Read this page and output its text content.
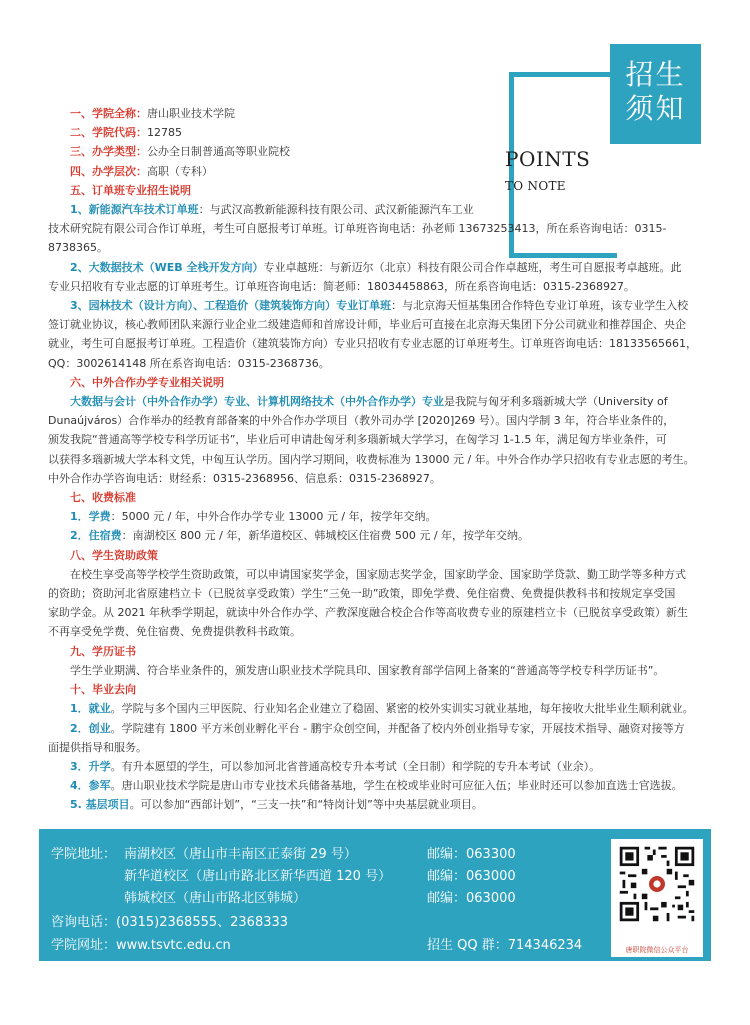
招生
须知
POINTS
TO NOTE
一、学院全称：唐山职业技术学院
二、学院代码：12785
三、办学类型：公办全日制普通高等职业院校
四、办学层次：高职（专科）
五、订单班专业招生说明
1、新能源汽车技术订单班：与武汉高教新能源科技有限公司、武汉新能源汽车工业
技术研究院有限公司合作订单班，考生可自愿报考订单班。订单班咨询电话：孙老师 13673253413，所在系咨询电话：0315-
8738365。
2、大数据技术（WEB 全栈开发方向）专业卓越班：与新迈尔（北京）科技有限公司合作卓越班，考生可自愿报考卓越班。此
专业只招收有专业志愿的订单班考生。订单班咨询电话：简老师：18034458863，所在系咨询电话：0315-2368927。
3、园林技术（设计方向）、工程造价（建筑装饰方向）专业订单班：与北京海天恒基集团合作特色专业订单班，该专业学生入校
签订就业协议，核心教师团队来源行业企业二级建造师和首席设计师，毕业后可直接在北京海天集团下分公司就业和推荐国企、央企
就业，考生可自愿报考订单班。工程造价（建筑装饰方向）专业只招收有专业志愿的订单班考生。订单班咨询电话：18133565661，
QQ：3002614148 所在系咨询电话：0315-2368736。
六、中外合作办学专业相关说明
大数据与会计（中外合作办学）专业、计算机网络技术（中外合作办学）专业是我院与匈牙利多瑙新城大学（University of
Dunaújváros）合作举办的经教育部备案的中外合作办学项目（教外司办学 [2020]269 号）。国内学制 3 年，符合毕业条件的，
颁发我院“普通高等学校专科学历证书”，毕业后可申请赴匈牙利多瑙新城大学学习，在匈学习 1-1.5 年，满足匈方毕业条件，可
以获得多瑙新城大学本科文凭，中匈互认学历。国内学习期间，收费标准为 13000 元 / 年。中外合作办学只招收有专业志愿的考生。
中外合作办学咨询电话：财经系：0315-2368956、信息系：0315-2368927。
七、收费标准
1．学费：5000 元 / 年，中外合作办学专业 13000 元 / 年，按学年交纳。
2．住宿费：南湖校区 800 元 / 年，新华道校区、韩城校区住宿费 500 元 / 年，按学年交纳。
八、学生资助政策
在校生享受高等学校学生资助政策，可以申请国家奖学金，国家励志奖学金，国家助学金、国家助学贷款、勤工助学等多种方式
的资助；资助河北省原建档立卡（已脱贫享受政策）学生“三免一助”政策，即免学费、免住宿费、免费提供教科书和按规定享受国
家助学金。从 2021 年秋季学期起，就读中外合作办学、产教深度融合校企合作等高收费专业的原建档立卡（已脱贫享受政策）新生
不再享受免学费、免住宿费、免费提供教科书政策。
九、学历证书
学生学业期满、符合毕业条件的，颁发唐山职业技术学院具印、国家教育部学信网上备案的“普通高等学校专科学历证书”。
十、毕业去向
1．就业。学院与多个国内三甲医院、行业知名企业建立了稳固、紧密的校外实训实习就业基地，每年接收大批毕业生顺利就业。
2．创业。学院建有 1800 平方米创业孵化平台 - 鹏宇众创空间，并配备了校内外创业指导专家，开展技术指导、融资对接等方
面提供指导和服务。
3．升学。有升本愿望的学生，可以参加河北省普通高校专升本考试（全日制）和学院的专升本考试（业余）。
4．参军。唐山职业技术学院是唐山市专业技术兵储备基地，学生在校或毕业时可应征入伍；毕业时还可以参加直选士官选拔。
5. 基层项目。可以参加“西部计划”，“三支一扶”和“特岗计划”等中央基层就业项目。
学院地址： 南湖校区（唐山市丰南区正泰街 29 号）	邮编：063300
新华道校区（唐山市路北区新华西道 120 号）	邮编：063000
韩城校区（唐山市路北区韩城）	邮编：063000
咨询电话：(0315)2368555、2368333
学院网址：www.tsvtc.edu.cn	招生 QQ 群：714346234	唐职院微信公众平台
